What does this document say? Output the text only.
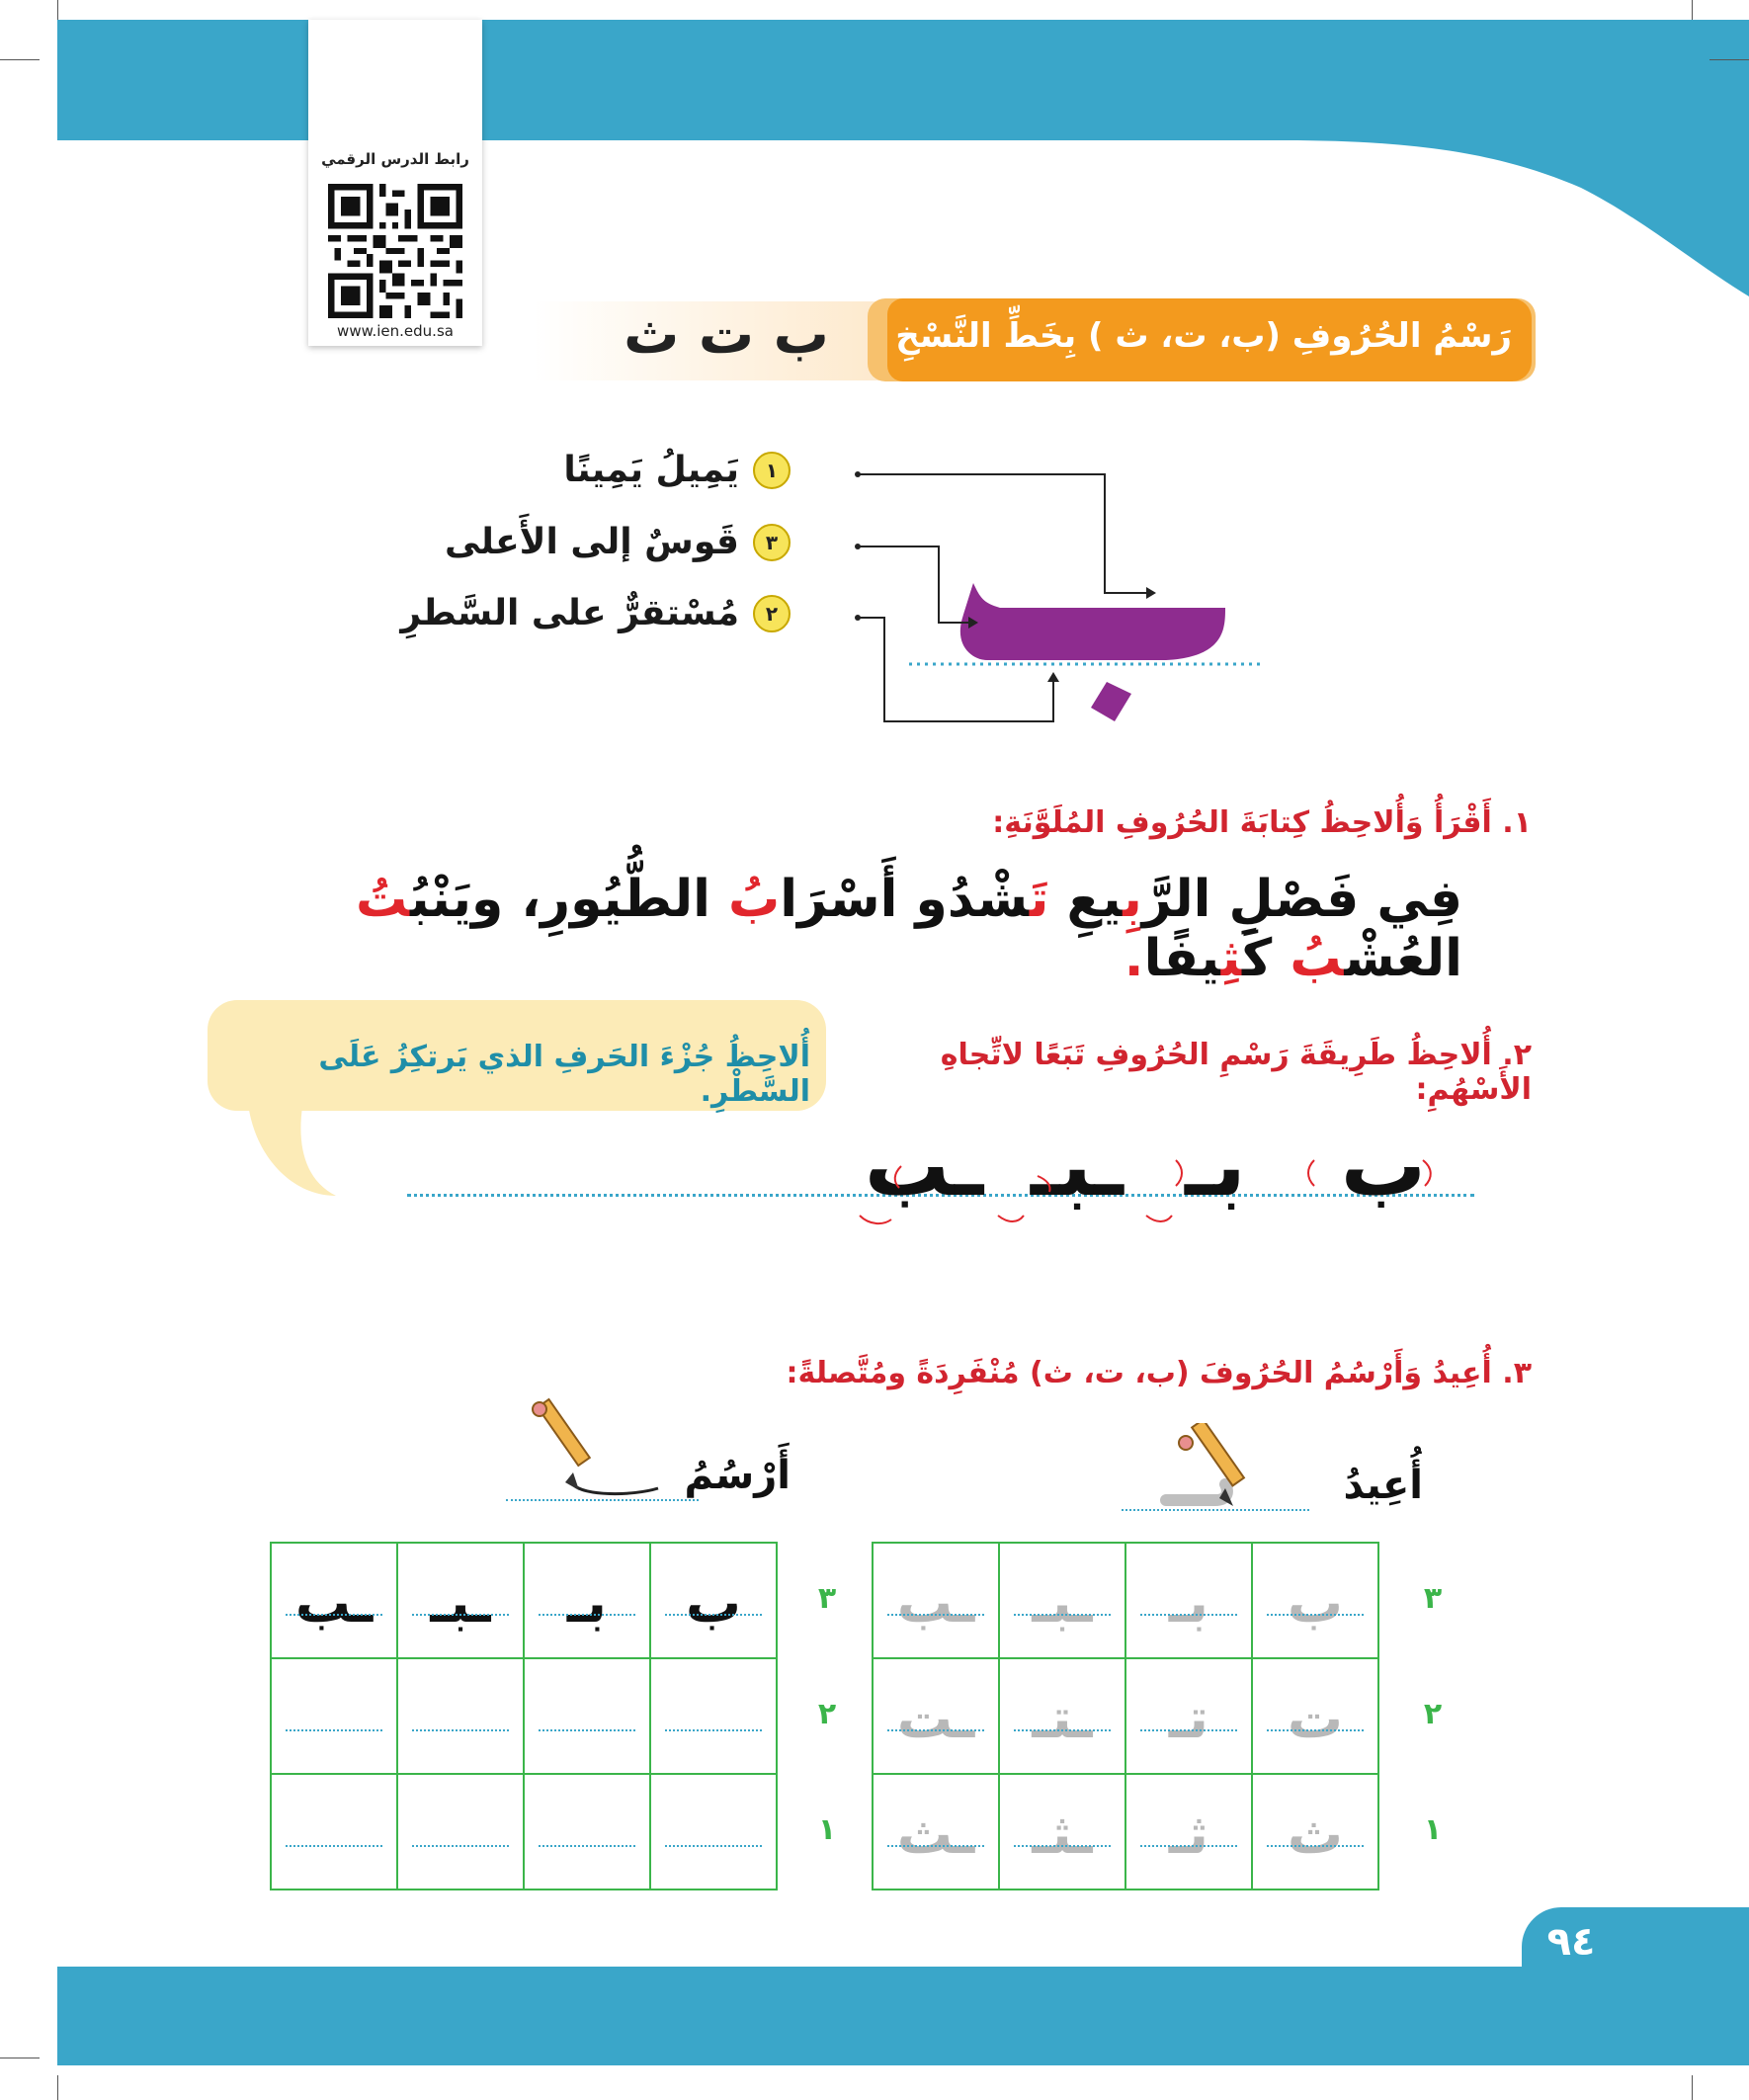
رابط الدرس الرقمي
www.ien.edu.sa	رَسْمُ الحُرُوفِ (ب، ت، ث ) بِخَطِّ النَّسْخِ
ب ت ث
١
يَمِيلُ يَمِينًا
٣
قَوسٌ إلى الأَعلى
٢
مُسْتقرٌّ على السَّطرِ
١. أَقْرَأُ وَأُلاحِظُ كِتابَةَ الحُرُوفِ المُلَوَّنَةِ:
فِي فَصْلِ الرَّبِيعِ تَشْدُو أَسْرَابُ الطُّيُورِ، ويَنْبُتُ العُشْبُ كَثِيفًا.
أُلاحِظُ جُزْءَ الحَرفِ الذي يَرتكِزُ عَلَى السَّطْرِ.
٢. أُلاحِظُ طَرِيقَةَ رَسْمِ الحُرُوفِ تَبَعًا لاتِّجاهِ الأَسْهُمِ:
ب
بـ
ـبـ
ـب
٣. أُعِيدُ وَأَرْسُمُ الحُرُوفَ (ب، ت، ث) مُنْفَرِدَةً ومُتَّصلةً:
أُعِيدُ
أَرْسُمُ
ـب	ـبـ	بـ	ب

ـت	ـتـ	تـ	ت

ـث	ـثـ	ثـ	ث
٣
٢
١
ـب	ـبـ	بـ	ب

		٣
٢
١
٩٤
